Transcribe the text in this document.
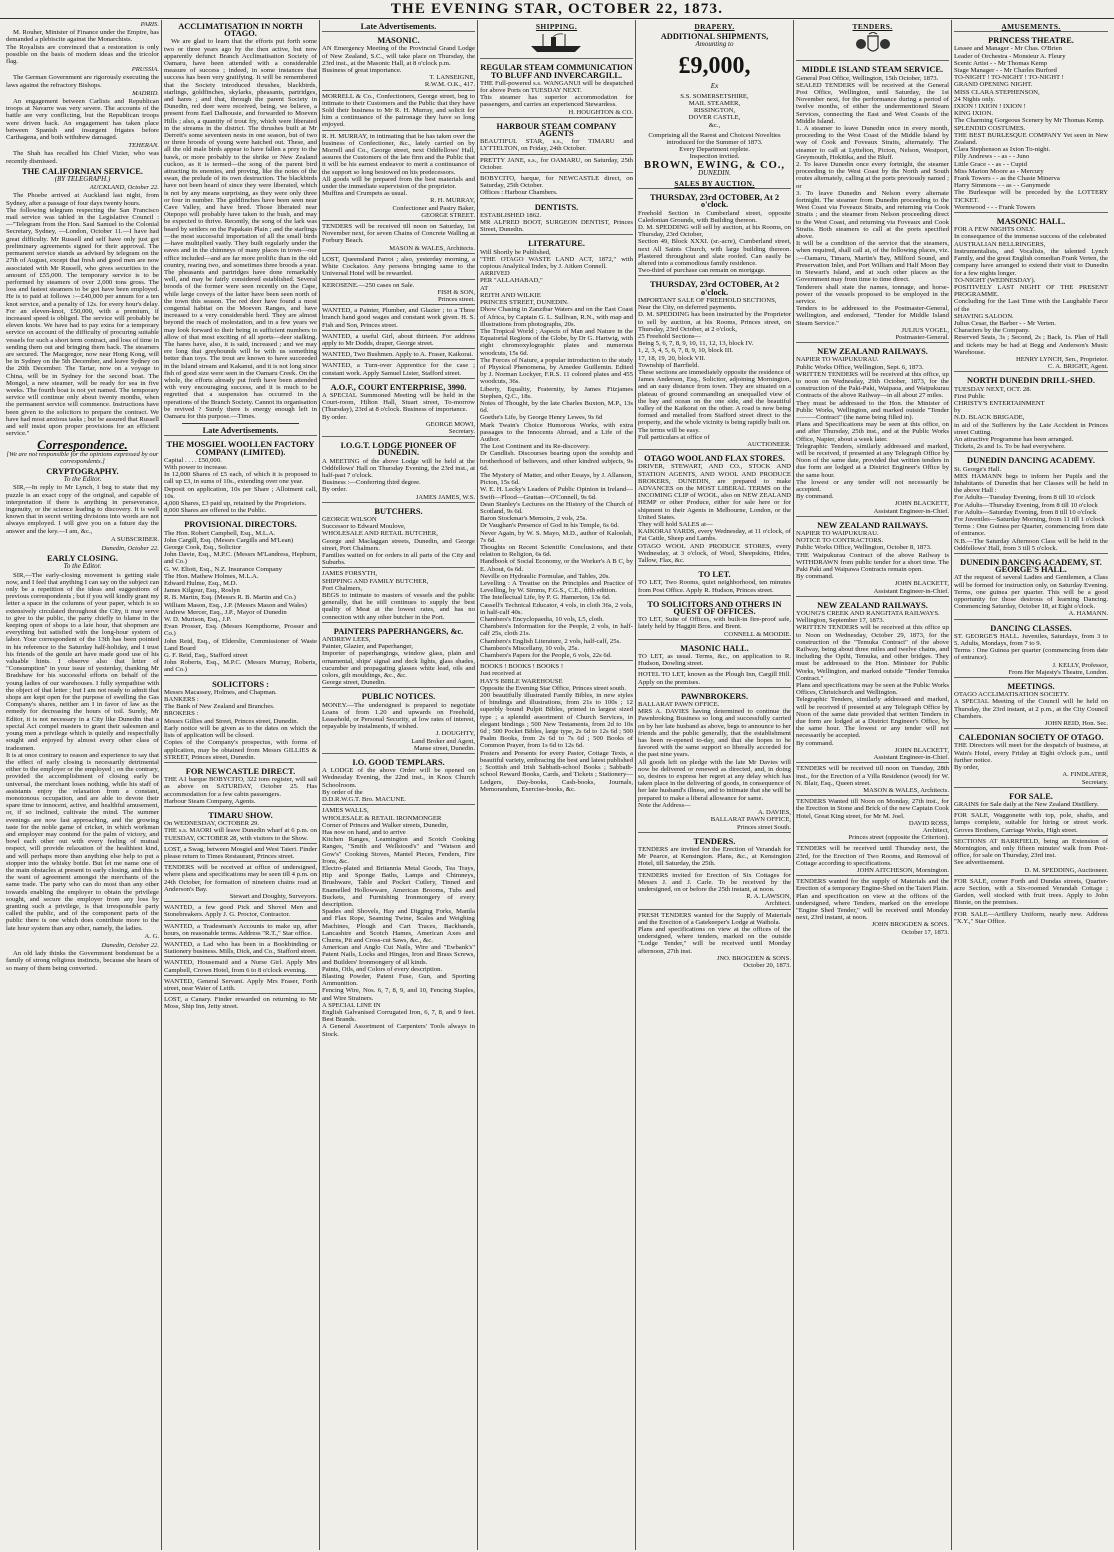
THE EVENING STAR, OCTOBER 22, 1873.
PARIS.
M. Rouher, Minister of Finance under the Empire, has demanded a plebiscite against the Monarchists.
The Royalists are convinced that a restoration is only possible on the basis of modern ideas and the tricolor flag.
PRUSSIA.
The German Government are rigorously executing the laws against the refractory Bishops.
MADRID.
An engagement between Carlists and Republican troops at Navarre was very severe. The accounts of the battle are very conflicting, but the Republican troops were driven back. An engagement has taken place between Spanish and insurgent frigates before Carthagena, and both withdrew damaged.
TEHERAN.
The Shah has recalled his Chief Vizier, who was recently dismissed.
THE CALIFORNIAN SERVICE.
(BY TELEGRAPH.)
AUCKLAND, October 22.
The Phoebe arrived at Auckland last night, from Sydney, after a passage of four days twenty hours.
The following telegram respecting the San Francisco mail service was tabled in the Legislative Council :—"Telegram from the Hon. Saul Samuel to the Colonial Secretary, Sydney, —London, October 11.—I have had great difficulty. Mr Russell and self have only just got preliminary agreements signed for their approval. The permanent service stands as advised by telegram on the 27th of August, except that fresh and good men are now associated with Mr Russell, who gives securities to the amount of £55,000. The temporary service is to be performed by steamers of over 2,000 tons gross. The loss and fastest steamers to be got have been employed. He is to paid at follows :—£40,000 per annum for a ten knot service, and a penalty of 12s. for every hour's delay. For an eleven-knot, £50,000, with a premium, if increased speed is obliged. The service will probably be eleven knots. We have had to pay extra for a temporary service on account of the difficulty of procuring suitable vessels for such a short term contract, and loss of time in sending them out and bringing them back. The steamers are secured. The Macgregor, now near Hong Kong, will be in Sydney on the 5th December, and leave Sydney on the 20th December. The Tartar, now on a voyage to China, will be in Sydney for the second boat. The Mongol, a new steamer, will be ready for sea in five weeks. The fourth boat is not yet named. The temporary service will continue only about twenty months, when the permanent service will commence. Instructions have been given to the solicitors to prepare the contract. We have had most anxious tasks ; but be assured that Russell and self insist upon proper provisions for an efficient service."
Correspondence.
[We are not responsible for the opinions expressed by our correspondents.]
CRYPTOGRAPHY.
To the Editor.
SIR,—In reply to Mr Lynch, I beg to state that my puzzle is an exact copy of the original, and capable of interpretation if there is anything in perseverance, ingenuity, or the science leading to discovery. It is well known that in secret writing divisions into words are not always employed. I will give you on a future day the answer and the key.—I am, &c.,
A SUBSCRIBER.
Dunedin, October 22.
EARLY CLOSING.
To the Editor.
SIR,—The early-closing movement is getting stale now, and I feel that anything I can say on the subject can only be a repetition of the ideas and suggestions of previous correspondents ; but if you will kindly grant my letter a space in the columns of your paper, which is so extensively circulated throughout the City, it may serve to give to the public, the party chiefly to blame in the keeping open of shops to a late hour, that shopmen are everything but satisfied with the long-hour system of labor. Your correspondent of the 13th has been pointed in his reference to the Saturday half-holiday, and I trust his friends of the gentle art have made good use of his valuable hints. I observe also that letter of "Consumption" in your issue of yesterday, thanking Mr Bradshaw for his successful efforts on behalf of the young ladies of our warehouses. I fully sympathise with the object of that letter ; but I am not ready to admit that shops are kept open for the purpose of swelling the Gas Company's shares, neither am I in favor of law as the remedy for decreasing the hours of toil. Surely, Mr Editor, it is not necessary in a City like Dunedin that a special Act compel masters to grant their salesmen and young men a privilege which is quietly and respectfully sought and enjoyed by almost every other class of tradesmen.
It is at once contrary to reason and experience to say that the effect of early closing is necessarily detrimental either to the employer or the employed ; on the contrary, provided the accomplishment of closing early be universal, the merchant loses nothing, while his staff of assistants enjoy the relaxation from a constant, monotonous occupation, and are able to devote their spare time to innocent, active, and healthful amusement, or, if so inclined, cultivate the mind. The summer evenings are now fast approaching, and the growing taste for the noble game of cricket, in which workman and employer may contend for the palm of victory, and bowl each other out with every feeling of mutual respect, will provide relaxation of the healthiest kind, and will perhaps more than anything else help to put a stopper into the whisky bottle. But let me name one of the main obstacles at present to early closing, and this is the want of agreement amongst the merchants of the same trade. The party who can do most than any other towards enabling the employer to obtain the privilege sought, and secure the employer from any loss by granting such a privilege, is that irresponsible party called the public, and of the component parts of the public there is one which does contribute more to the late hour system than any other, namely, the ladies.
A. G.
Dunedin, October 22.
An old lady thinks the Government bondsmust be a family of strong religious instincts, because she hears of so many of them being converted.
ACCLIMATISATION IN NORTH OTAGO.
We are glad to learn that the efforts put forth some two or three years ago by the then active, but now apparently defunct Branch Acclimatisation Society of Oamaru, have been attended with a considerable measure of success ; indeed, in some instances that success has been very gratifying. It will be remembered that the Society introduced thrushes, blackbirds, starlings, goldfinches, skylarks, pheasants, partridges, and hares ; and that, through the parent Society in Dunedin, red deer were received, being, we believe, a present from Earl Dalhousie, and forwarded to Moeven Hills ; also, a quantity of trout fry, which were liberated in the streams in the district. The thrushes built at Mr Derrett's some seventeen nests in one season, but of two or three broods of young were hatched out. These, and all the old male birds appear to have fallen a prey to the hawk, or more probably to the shrike or New Zealand cuckoo, as it is termed—the song of the parent bird attracting its enemies, and proving, like the notes of the swan, the prelude of its own destruction. The blackbirds have not been heard of since they were liberated, which is not by any means surprising, as they were only three or four in number. The goldfinches have been seen near Cave Valley, and have bred. Those liberated near Otepopo will probably have taken to the bush, and may be expected to thrive. Recently, the song of the lark was heard by settlers on the Papakaio Plain ; and the starlings—the most successful importation of all the small birds—have multiplied vastly. They built regularly under the eaves and in the chimneys of many places in town—our office included—and are far more prolific than in the old country, rearing two, and sometimes three broods a year. The pheasants and partridges have done remarkably well, and may be fairly considered established. Several broods of the former were seen recently on the Cape, while large coveys of the latter have been seen north of the town this season. The red deer have found a most congenial habitat on the Moeven Ranges, and have increased to a very considerable herd. They are almost beyond the reach of molestation, and in a few years we may look forward to their being in sufficient numbers to allow of that most exciting of all sports—deer stalking. The hares have, also, it is said, increased ; and we may ere long that greyhounds will be with us something better than toys. The trout are known to have succeeded in the Island stream and Kakanui, and it is not long since fish of good size were seen in the Oamaru Creek. On the whole, the efforts already put forth have been attended with very encouraging success, and it is much to be regretted that a suspension has occurred in the operations of the Branch Society. Cannot its organisation be revived ? Surely there is energy enough left in Oamaru for this purpose.—Times.
Late Advertisements.
THE MOSGIEL WOOLLEN FACTORY COMPANY (LIMITED).

Capital . . . . £50,000.
With power to increase.
In 12,000 Shares of £5 each, of which it is proposed to call up £3, in sums of 10s., extending over one year.
Deposit on application, 10s per Share ; Allotment call, 10s.
4,000 Shares, £3 paid up, retained by the Proprietors.
8,000 Shares are offered to the Public.

PROVISIONAL DIRECTORS.

The Hon. Robert Campbell, Esq., M.L.A.
John Cargill, Esq. (Messrs Cargills and M'Lean)
George Cook, Esq., Solicitor
John Davie, Esq., M.P.C. (Messrs M'Landress, Hepburn, and Co.)
G. W. Eliott, Esq., N.Z. Insurance Company
The Hon. Mathew Holmes, M.L.A.
Edward Hulme, Esq., M.D.
James Kilgour, Esq., Roslyn
R. B. Martin, Esq. (Messrs R. B. Martin and Co.)
William Mason, Esq., J.P. (Messrs Mason and Wales)
Andrew Mercer, Esq., J.P., Mayor of Dunedin
W. D. Murison, Esq., J.P.
Evan Prosser, Esq. (Messrs Kempthorne, Prosser and Co.)
John Reid, Esq., of Elderslie, Commissioner of Waste Land Board
G. F. Reid, Esq., Stafford street
John Roberts, Esq., M.P.C. (Messrs Murray, Roberts, and Co.)

SOLICITORS :

Messrs Macassey, Holmes, and Chapman.
BANKERS :
The Bank of New Zealand and Branches.
BROKERS :
Messrs Gillies and Street, Princes street, Dunedin.
Early notice will be given as to the dates on which the lists of application will be closed.
Copies of the Company's prospectus, with forms of application, may be obtained from Messrs GILLIES & STREET, Princes street, Dunedin.

FOR NEWCASTLE DIRECT.

THE A1 barque BOBYCITO, 322 tons register, will sail as above on SATURDAY, October 25. Has accommodation for a few cabin passengers.
Harbour Steam Company, Agents.

TIMARU SHOW.

On WEDNESDAY, OCTOBER 29.
THE s.s. MAORI will leave Dunedin wharf at 6 p.m. on TUESDAY, OCTOBER 28, with visitors to the Show.

LOST, a Swag, between Mosgiel and West Taieri. Finder please return to Times Restaurant, Princes street.

TENDERS will be received at office of undersigned, where plans and specifications may be seen till 4 p.m. on 24th October, for formation of nineteen chains road at Anderson's Bay.

Stewart and Doughty, Surveyors.

WANTED, a few good Pick and Shovel Men and Stonebreakers. Apply J. G. Proctor, Contractor.

WANTED, a Tradesman's Accounts to make up, after hours, on reasonable terms. Address "R.T.," Star office.

WANTED, a Lad who has been in a Bookbinding or Stationery business. Mills, Dick, and Co., Stafford street.

WANTED, Housemaid and a Nurse Girl. Apply Mrs Campbell, Crown Hotel, from 6 to 8 o'clock evening.

WANTED, General Servant. Apply Mrs Fraser, Forth street, near Water of Leith.

LOST, a Canary. Finder rewarded on returning to Mr Moss, Ship Inn, Jetty street.

Late Advertisements.
MASONIC.

AN Emergency Meeting of the Provincial Grand Lodge of New Zealand, S.C., will take place on Thursday, the 23rd inst., at the Masonic Hall, at 8 o'clock p.m.
Business of great importance.

T. LANSEIGNE,
R.W.M. O.K., 417.

MORRELL & Co., Confectioners, George street, beg to intimate to their Customers and the Public that they have Sold their business to Mr R. H. Murray, and solicit for him a continuance of the patronage they have so long enjoyed.

R. H. MURRAY, in intimating that he has taken over the business of Confectioner, &c., lately carried on by Morrell and Co., George street, next Oddfellows' Hall, assures the Customers of the late firm and the Public that it will be his earnest endeavor to merit a continuance of the support so long bestowed on his predecessors.
All goods will be prepared from the best materials and under the immediate supervision of the proprietor.
Muffins and Crumpets as usual.

R. H. MURRAY,
Confectioner and Pastry Baker,
GEORGE STREET.

TENDERS will be received till noon on Saturday, 1st November next, for seven Chains of Concrete Walling at Forbury Beach.

MASON & WALES, Architects.

LOST, Queensland Parrot ; also, yesterday morning, a White Cockatoo. Any persons bringing same to the Universal Hotel will be rewarded.

KEROSENE.—250 cases on Sale.

FISH & SON,
Princes street.

WANTED, a Painter, Plumber, and Glazier ; to a Three branch hand good wages and constant work given. H. S. Fish and Son, Princes street.

WANTED, a useful Girl, about thirteen. For address apply to Mr Dodds, draper, George street.

WANTED, Two Bushmen. Apply to A. Fraser, Kaikorai.

WANTED, a Turn-over Apprentice for the case ; constant work. Apply Samuel Lister, Stafford street.

A.O.F., COURT ENTERPRISE, 3990.

A SPECIAL Summoned Meeting will be held in the Court-room, Hilton Hall, Stuart street, To-morrow (Thursday), 23rd at 8 o'clock. Business of importance.
By order.

GEORGE MOWI,
Secretary.

I.O.G.T. LODGE PIONEER OF DUNEDIN.

A MEETING of the above Lodge will be held at the Oddfellows' Hall on Thursday Evening, the 23rd inst., at half-past 7 o'clock.
Business :—Conferring third degree.
By order.

JAMES JAMES, W.S.

BUTCHERS.

GEORGE WILSON
Successor to Edward Moulove,
WHOLESALE AND RETAIL BUTCHER,
George and Maclaggan streets, Dunedin, and George street, Port Chalmers.
Families waited on for orders in all parts of the City and Suburbs.

JAMES FORSYTH,
SHIPPING AND FAMILY BUTCHER,
Port Chalmers,
BEGS to intimate to masters of vessels and the public generally, that he still continues to supply the best quality of Meat at the lowest rates, and has no connection with any other butcher in the Port.

PAINTERS PAPERHANGERS, &c.

ANDREW LEES,
Painter, Glazier, and Paperhanger,
Importer of paperhangings, window glass, plain and ornamental, ships' signal and deck lights, glass shades, cucumber and propagating glasses white lead, oils and colors, gilt mouldings, &c., &c.
George street, Dunedin.

PUBLIC NOTICES.

MONEY.—The undersigned is prepared to negotiate Loans of from 1.20 and upwards on Freehold, Leasehold, or Personal Security, at low rates of interest, repayable by instalments, if wished.

J. DOUGHTY,
Land Broker and Agent,
Manse street, Dunedin.

I.O. GOOD TEMPLARS.

A LODGE of the above Order will be opened on Wednesday Evening, the 22nd inst., in Knox Church Schoolroom.
By order of the
D.D.R.W.G.T. Bro. MACUNE.

JAMES WALLS,
WHOLESALE & RETAIL IRONMONGER
Corner of Princes and Walker streets, Dunedin,
Has now on hand, and to arrive
Kitchen Ranges, Leamington and Scotch Cooking Ranges, "Smith and Wellstood's" and "Watson and Gow's" Cooking Stoves, Mantel Pieces, Fenders, Fire Irons, &c.
Electro-plated and Britannia Metal Goods, Tea Trays, Hip and Sponge Baths, Lamps and Chimneys, Brushware, Table and Pocket Cutlery, Tinned and Enamelled Hollowware, American Brooms, Tubs and Buckets, and Furnishing Ironmongery of every description.
Spades and Shovels, Hay and Digging Forks, Manila and Flax Rope, Seaming Twine, Scales and Weighing Machines, Plough and Cart Traces, Backbands, Lancashire and Scotch Hames, American Axes and Churns, Pit and Cross-cut Saws, &c., &c.
American and Anglo Cut Nails, Wire and "Ewbank's" Patent Nails, Locks and Hinges, Iron and Brass Screws, and Builders' Ironmongery of all kinds.
Paints, Oils, and Colors of every description.
Blasting Powder, Patent Fuse, Gun, and Sporting Ammunition.
Fencing Wire, Nos. 6, 7, 8, 9, and 10, Fencing Staples, and Wire Strainers.
A SPECIAL LINE IN
English Galvanised Corrugated Iron, 6, 7, 8, and 9 feet. Best Brands.
A General Assortment of Carpenters' Tools always in Stock.

SHIPPING.
REGULAR STEAM COMMUNICATION TO BLUFF AND INVERCARGILL.

THE Full-powered s.s. WANGANUI will be despatched for above Ports on TUESDAY NEXT.
This steamer has superior accommodation for passengers, and carries an experienced Stewardess.

H. HOUGHTON & CO.

HARBOUR STEAM COMPANY AGENTS

BEAUTIFUL STAR, s.s., for TIMARU and LYTTELTON, on Friday, 24th October.

PRETTY JANE, s.s., for OAMARU, on Saturday, 25th October.

BOBYCITO, barque, for NEWCASTLE direct, on Saturday, 25th October.
Offices : Harbour Chambers.

DENTISTS.

ESTABLISHED 1862.
MR ALFRED BOOT, SURGEON DENTIST, Princes Street, Dunedin.

LITERATURE.

Will Shortly be Published,
"THE OTAGO WASTE LAND ACT, 1872," with copious Analytical Index, by J. Aitken Connell.
ARRIVED
PER "ALLAHABAD,"
AT
REITH AND WILKIE
PRINCES STREET, DUNEDIN.
Dhow Chasing in Zanzibar Waters and on the East Coast of Africa, by Captain G. L. Sullivan, R.N., with map and illustrations from photographs, 20s.
The Tropical World ; Aspects of Man and Nature in the Equatorial Regions of the Globe, by Dr G. Hartwig, with eight chromoxylographic plates and numerous woodcuts, 15s 6d.
The Forces of Nature, a popular introduction to the study of Physical Phenomena, by Amedee Guillemin. Edited by J. Norman Lockyer, F.R.S. 11 colored plates and 455 woodcuts, 36s.
Liberty, Equality, Fraternity, by James Fitzjames Stephen, Q.C., 18s.
Notes of Thought, by the late Charles Buxton, M.P., 13s 6d.
Goethe's Life, by George Henry Lewes, 9s 6d
Mark Twain's Choice Humorous Works, with extra passages to the Innocents Abroad, and a Life of the Author.
The Lost Continent and its Re-discovery.
Dr Candlish. Discourses bearing upon the sonship and brotherhood of believers, and other kindred subjects, 9s 6d.
The Mystery of Matter, and other Essays, by J. Allanson, Picton, 15s 6d.
W. E. H. Lecky's Leaders of Public Opinion in Ireland—Swift—Flood—Grattan—O'Connell, 9s 6d.
Dean Stanley's Lectures on the History of the Church of Scotland, 9s 6d.
Baron Stockmar's Memoirs, 2 vols, 25s.
Dr Vaughan's Presence of God in his Temple, 6s 6d.
Never Again, by W. S. Mayo, M.D., author of Kaloolah, 7s 6d.
Thoughts on Recent Scientific Conclusions, and their relation to Religion, 6s 6d.
Handbook of Social Economy, or the Worker's A B C, by E. About, 6s 6d.
Neville on Hydraulic Formulae, and Tables, 20s.
Levelling : A Treatise on the Principles and Practice of Levelling, by W. Simms, F.G.S., C.E., fifth edition.
The Intellectual Life, by P. G. Hamerton, 13s 6d.
Cassell's Technical Educator, 4 vols, in cloth 36s, 2 vols, in half-calf 40s.
Chambers's Encyclopaedia, 10 vols, L5, cloth.
Chambers's Information for the People, 2 vols, in half-calf 25s, cloth 21s.
Chambers's English Literature, 2 vols, half-calf, 25s.
Chambers's Miscellany, 10 vols, 25s.
Chambers's Papers for the People, 6 vols, 22s 6d.

BOOKS ! BOOKS ! BOOKS !
Just received at
HAY'S BIBLE WAREHOUSE
Opposite the Evening Star Office, Princes street south.
200 beautifully illustrated Family Bibles, in new styles of bindings and illustrations, from 21s to 100s ; 12 superbly bound Pulpit Bibles, printed in largest sized type ; a splendid assortment of Church Services, in elegant bindings ; 500 New Testaments, from 2d to 10s 6d ; 500 Pocket Bibles, large type, 2s 6d to 12s 6d ; 500 Psalm Books, from 2s 6d to 7s 6d ; 500 Books of Common Prayer, from 1s 6d to 12s 6d.
Posters and Presents for every Pastor, Cottage Texts, a beautiful variety, embracing the best and latest published ; Scottish and Irish Sabbath-school Books ; Sabbath-school Reward Books, Cards, and Tickets ; Stationery—Ledgers, Day-books, Cash-books, Journals, Memorandum, Exercise-books, &c.

DRAPERY.
ADDITIONAL SHIPMENTS,
Amounting to
£9,000,
Ex

S.S. SOMERSETSHIRE,
MAIL STEAMER,
RISSINGTON,
DOVER CASTLE,
&c.,

Comprising all the Rarest and Choicest Novelties introduced for the Summer of 1873.
Every Department replete.
Inspection invited.

BROWN, EWING, & CO.,
DUNEDIN.
SALES BY AUCTION.
THURSDAY, 23rd OCTOBER, At 2 o'clock.

Freehold Section in Cumberland street, opposite Caledonian Grounds, with Building thereon.
D. M. SPEDDING will sell by auction, at his Rooms, on Thursday, 23rd October,
Section 49, Block XXXI. (sr.-acre), Cumberland street, next All Saints Church, with large building thereon. Plastered throughout and slate roofed. Can easily be altered into a commodious family residence.
Two-third of purchase can remain on mortgage.

THURSDAY, 23rd OCTOBER, At 2 o'clock.

IMPORTANT SALE OF FREEHOLD SECTIONS,
Near the City, on deferred payments.
D. M. SPEDDING has been instructed by the Proprietor to sell by auction, at his Rooms, Princes street, on Thursday, 23rd October, at 2 o'clock,
25 Freehold Sections—
Being 5, 6, 7, 8, 9, 10, 11, 12, 13, block IV.
1, 2, 3, 4, 5, 6, 7, 8, 9, 10, block III.
17, 18, 19, 20, block VII.
Township of Barrfield.
These sections are immediately opposite the residence of James Anderson, Esq., Solicitor, adjoining Mornington, and an easy distance from town. They are situated on a plateau of ground commanding an unequalled view of the bay and ocean on the one side, and the beautiful valley of the Kaikorai on the other. A road is now being formed and metalled from Stafford street direct to the property, and the whole vicinity is being rapidly built on.
The terms will be easy.
Full particulars at office of

AUCTIONEER.

OTAGO WOOL AND FLAX STORES.

DRIVER, STEWART, AND CO., STOCK AND STATION AGENTS, AND WOOL AND PRODUCE BROKERS, DUNEDIN, are prepared to make ADVANCES on the MOST LIBERAL TERMS on the INCOMING CLIP of WOOL, also on NEW ZEALAND HEMP or other Produce, either for sale here or for shipment to their Agents in Melbourne, London, or the United States.
They will hold SALES at—
KAIKORAI YARDS, every Wednesday, at 11 o'clock, of Fat Cattle, Sheep and Lambs.
OTAGO WOOL AND PRODUCE STORES, every Wednesday, at 3 o'clock, of Wool, Sheepskins, Hides, Tallow, Flax, &c.

TO LET.

TO LET, Two Rooms, quiet neighborhood, ten minutes from Post Office. Apply R. Hudson, Princes street.

TO SOLICITORS AND OTHERS IN QUEST OF OFFICES.

TO LET, Suite of Offices, with built-in fire-proof safe, lately held by Haggitt Bros. and Brent.

CONNELL & MOODIE.

MASONIC HALL.

TO LET, as usual. Terms, &c., on application to R. Hudson, Dowling street.

HOTEL TO LET, known as the Plough Inn, Cargill Hill. Apply on the premises.

PAWNBROKERS.

BALLARAT PAWN OFFICE.
MRS A. DAVIES having determined to continue the Pawnbroking Business so long and successfully carried on by her late husband as above, begs to announce to her friends and the public generally, that the establishment has been re-opened to-day, and that she hopes to be favored with the same support so liberally accorded for the past nine years.
All goods left on pledge with the late Mr Davies will now be delivered or renewed as directed, and, in doing so, desires to express her regret at any delay which has taken place in the delivering of goods, in consequence of her late husband's illness, and to intimate that she will be prepared to make a liberal allowance for same.
Note the Address—

A. DAVIES,
BALLARAT PAWN OFFICE,
Princes street South.

TENDERS.

TENDERS are invited for the Erection of Verandah for Mr Pearce, at Kensington. Plans, &c., at Kensington Hotel, till Saturday, the 25th.

TENDERS invited for Erection of Six Cottages for Messrs J. and J. Carle. To be received by the undersigned, on or before the 25th instant, at noon.

R. A. LAWSON,
Architect.

FRESH TENDERS wanted for the Supply of Materials and the Erection of a Gatekeeper's Lodge at Waihola.
Plans and specifications on view at the offices of the undersigned, where tenders, marked on the outside "Lodge Tender," will be received until Monday afternoon, 27th inst.

JNO. BROGDEN & SONS.
October 20, 1873.

TENDERS.
MIDDLE ISLAND STEAM SERVICE.

General Post Office, Wellington, 15th October, 1873.
SEALED TENDERS will be received at the General Post Office, Wellington, until Saturday, the 1st November next, for the performance during a period of twelve months, of either the undermentioned Steam Services, connecting the East and West Coasts of the Middle Island.
1. A steamer to leave Dunedin once in every month, proceeding to the West Coast of the Middle Island by way of Cook and Foveaux Straits, alternately. The steamer to call at Lyttelton, Picton, Nelson, Westport, Greymouth, Hokitika, and the Bluff.
2. To leave Dunedin once every fortnight, the steamer proceeding to the West Coast by the North and South routes alternately, calling at the ports previously named ; or
3. To leave Dunedin and Nelson every alternate fortnight. The steamer from Dunedin proceeding to the West Coast via Foveaux Straits, and returning via Cook Straits ; and the steamer from Nelson proceeding direct to the West Coast, and returning via Foveaux and Cook Straits. Both steamers to call at the ports specified above.
It will be a condition of the service that the steamers, when required, shall call at, of the following places, viz. :—Oamaru, Timaru, Martin's Bay, Milford Sound, and Preservation Inlet, and Port William and Half Moon Bay in Stewart's Island, and at such other places as the Government may from time to time direct.
Tenderers shall state the names, tonnage, and horse-power of the vessels proposed to be employed in the service.
Tenders to be addressed to the Postmaster-General, Wellington, and endorsed, "Tender for Middle Island Steam Service."

JULIUS VOGEL,
Postmaster-General.

NEW ZEALAND RAILWAYS.

NAPIER TO WAIPUKURAU.
Public Works Office, Wellington, Sept. 6, 1873.
WRITTEN TENDERS will be received at this office, up to noon on Wednesday, 29th October, 1873, for the construction of the Paki-Paki, Waipaoa, and Waipukurau Contracts of the above Railway—in all about 27 miles.
They must be addressed to the Hon. the Minister of Public Works, Wellington, and marked outside "Tender———Contract" (the name being filled in).
Plans and Specifications may be seen at this office, on and after Thursday, 25th inst., and at the Public Works Office, Napier, about a week later.
Telegraphic Tenders, similarly addressed and marked, will be received, if presented at any Telegraph Office by Noon of the same date, provided that written tenders in due form are lodged at a District Engineer's Office by the same hour.
The lowest or any tender will not necessarily be accepted.
By command.

JOHN BLACKETT,
Assistant Engineer-in-Chief.

NEW ZEALAND RAILWAYS.

NAPIER TO WAIPUKURAU.
NOTICE TO CONTRACTORS.
Public Works Office, Wellington, October 8, 1873.
THE Waipukurau Contract of the above Railway is WITHDRAWN from public tender for a short time. The Paki Paki and Waipawa Contracts remain open.
By command.

JOHN BLACKETT,
Assistant Engineer-in-Chief.

NEW ZEALAND RAILWAYS.

YOUNG'S CREEK AND RANGITATA RAILWAYS.
Wellington, September 17, 1873.
WRITTEN TENDERS will be received at this office up to Noon on Wednesday, October 29, 1873, for the construction of the "Temuka Contract" of the above Railway, being about three miles and twelve chains, and including the Opihi, Temuka, and other bridges. They must be addressed to the Hon. Minister for Public Works, Wellington, and marked outside "Tender Temuka Contract."
Plans and specifications may be seen at the Public Works Offices, Christchurch and Wellington.
Telegraphic Tenders, similarly addressed and marked, will be received if presented at any Telegraph Office by Noon of the same date provided that written Tenders in due form are lodged at a District Engineer's Office, by the same hour. The lowest or any tender will not necessarily be accepted.
By command.

JOHN BLACKETT,
Assistant Engineer-in-Chief.

TENDERS will be received till noon on Tuesday, 28th inst., for the Erection of a Villa Residence (wood) for W. N. Blair, Esq., Queen street.

MASON & WALES, Architects.

TENDERS Wanted till Noon on Monday, 27th inst., for the Erection in Stone and Brick of the new Captain Cook Hotel, Great King street, for Mr M. Joel.

DAVID ROSS,
Architect,
Princes street (opposite the Criterion).

TENDERS will be received until Thursday next, the 23rd, for the Erection of Two Rooms, and Removal of Cottage according to specifications.

JOHN AITCHESON, Mornington.

TENDERS wanted for the supply of Materials and the Erection of a temporary Engine-Shed on the Taieri Plain.
Plan and specification on view at the offices of the undersigned, where Tenders, marked on the envelope "Engine Shed Tender," will be received until Monday next, 23rd instant, at noon.

JOHN BROGDEN & SONS.
October 17, 1873.

AMUSEMENTS.
PRINCESS THEATRE.

Lessee and Manager - Mr Chas. O'Brien
Leader of Orchestra - Monsieur A. Fleury
Scenic Artist - - Mr Thomas Kemp
Stage Manager - - Mr Charles Burford
TO-NIGHT ! TO-NIGHT ! TO-NIGHT !
GRAND OPENING NIGHT.
MISS CLARA STEPHENSON,
24 Nights only.
IXION ! IXION ! IXION !
KING IXION.
The Charming Gorgeous Scenery by Mr Thomas Kemp.
SPLENDID COSTUMES.
THE BEST BURLESQUE COMPANY Yet seen in New Zealand.
Clara Stephenson as Ixion To-night.
Filly Andrews - - as - - Juno
Little Grace - - as - - Cupid
Miss Marion Moore as - Mercury
Frank Towers - - as the Chaste Minerva
Harry Simmons - - as - - Ganymede
The Burlesque will be preceded by the LOTTERY TICKET.
Wormwood - - - Frank Towers

MASONIC HALL.

FOR A FEW NIGHTS ONLY.
In consequence of the immense success of the celebrated
AUSTRALIAN BELLRINGERS,
Instrumentalists, and Vocalists, the talented Lynch Family, and the great English comedian Frank Verten, the company have arranged to extend their visit to Dunedin for a few nights longer.
TO-NIGHT (WEDNESDAY).
POSITIVELY LAST NIGHT OF THE PRESENT PROGRAMME.
Concluding for the Last Time with the Laughable Farce of the
SHAVING SALOON.
Julius Cesar, the Barber - - Mr Verten.
Characters by the Company.
Reserved Seats, 3s ; Second, 2s ; Back, 1s. Plan of Hall and tickets may be had at Begg and Anderson's Music Warehouse.

HENRY LYNCH, Sen., Proprietor.
C. A. BRIGHT, Agent.

NORTH DUNEDIN DRILL-SHED.

TUESDAY NEXT, OCT. 28.
First Public
CHRISTY'S ENTERTAINMENT
by
N.D. BLACK BRIGADE,
in aid of the Sufferers by the Late Accident in Princes street Cutting.
An attractive Programme has been arranged.
Tickets, 2s and 1s. To be had everywhere.

DUNEDIN DANCING ACADEMY.

St. George's Hall.
MES HAMANN begs to inform her Pupils and the Inhabitants of Dunedin that her Classes will be held in the above Hall :
For Adults—Tuesday Evening, from 8 till 10 o'clock
For Adults—Thursday Evening, from 8 till 10 o'clock
For Adults—Saturday Evening, from 8 till 10 o'clock
For Juveniles—Saturday Morning, from 11 till 1 o'clock
Terms : One Guinea per Quarter, commencing from date of entrance.
N.B.—The Saturday Afternoon Class will be held in the Oddfellows' Hall, from 3 till 5 o'clock.

DUNEDIN DANCING ACADEMY, ST. GEORGE'S HALL.

AT the request of several Ladies and Gentlemen, a Class will be formed for instruction only, on Saturday Evening. Terms, one guinea per quarter. This will be a good opportunity for those desirous of learning Dancing. Commencing Saturday, October 18, at Eight o'clock.

A. HAMANN.

DANCING CLASSES.

ST. GEORGE'S HALL. Juveniles, Saturdays, from 3 to 5. Adults, Mondays, from 7 to 9.
Terms : One Guinea per quarter (commencing from date of entrance).

J. KELLY, Professor,
From Her Majesty's Theatre, London.

MEETINGS.

OTAGO ACCLIMATISATION SOCIETY.
A SPECIAL Meeting of the Council will be held on Thursday, the 23rd instant, at 2 p.m., at the City Council Chambers.

JOHN REID, Hon. Sec.

CALEDONIAN SOCIETY OF OTAGO.

THE Directors will meet for the despatch of business, at Wain's Hotel, every Friday at Eight o'clock p.m., until further notice.
By order,

A. FINDLATER,
Secretary.

FOR SALE.

GRAINS for Sale daily at the New Zealand Distillery.

FOR SALE, Waggonette with top, pole, shafts, and lamps complete, suitable for hiring or street work. Groves Brothers, Carriage Works, High street.

SECTIONS AT BARRFIELD, being an Extension of Mornington, and only fifteen minutes' walk from Post-office, for sale on Thursday, 23rd inst.
See advertisement.

D. M. SPEDDING, Auctioneer.

FOR SALE, corner Forth and Dundas streets, Quarter-acre Section, with a Six-roomed Verandah Cottage ; Garden, well stocked with fruit trees. Apply to John Bisnie, on the premises.

FOR SALE—Artillery Uniform, nearly new. Address "X.Y.," Star Office.
